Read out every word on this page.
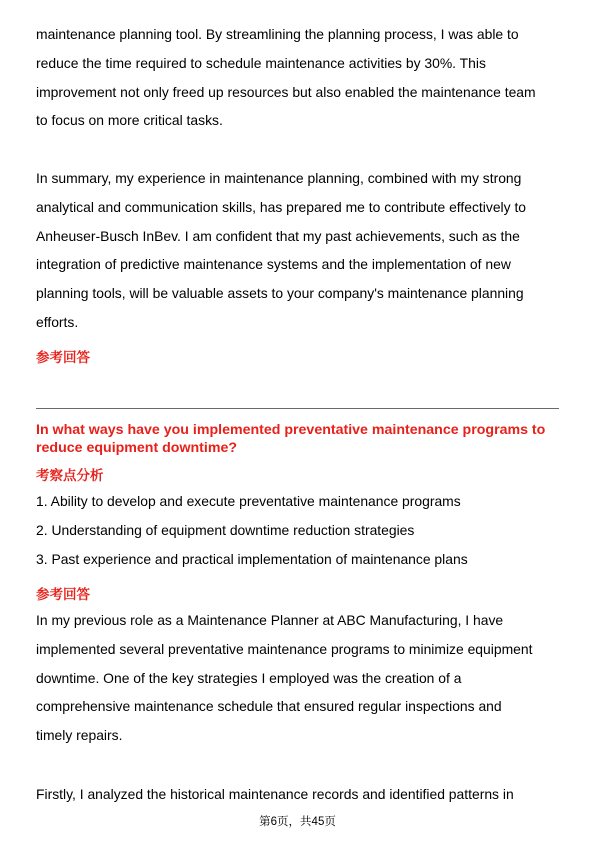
maintenance planning tool. By streamlining the planning process, I was able to
reduce the time required to schedule maintenance activities by 30%. This
improvement not only freed up resources but also enabled the maintenance team
to focus on more critical tasks.

In summary, my experience in maintenance planning, combined with my strong
analytical and communication skills, has prepared me to contribute effectively to
Anheuser-Busch InBev. I am confident that my past achievements, such as the
integration of predictive maintenance systems and the implementation of new
planning tools, will be valuable assets to your company's maintenance planning
efforts.

参考回答
In what ways have you implemented preventative maintenance programs to
reduce equipment downtime?
考察点分析
1. Ability to develop and execute preventative maintenance programs
2. Understanding of equipment downtime reduction strategies
3. Past experience and practical implementation of maintenance plans
参考回答

In my previous role as a Maintenance Planner at ABC Manufacturing, I have
implemented several preventative maintenance programs to minimize equipment
downtime. One of the key strategies I employed was the creation of a
comprehensive maintenance schedule that ensured regular inspections and
timely repairs.

Firstly, I analyzed the historical maintenance records and identified patterns in

第6页，共45页
